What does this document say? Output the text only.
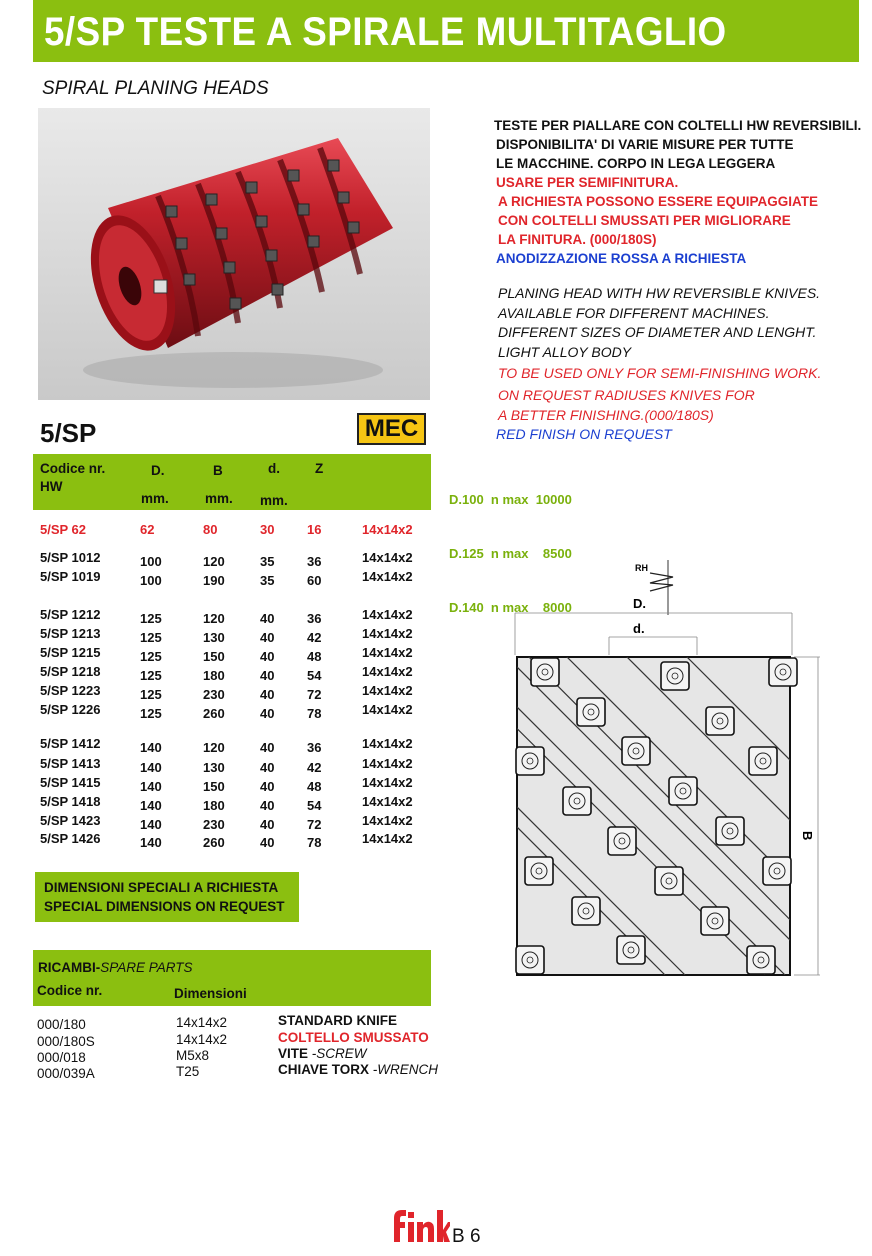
5/SP TESTE A SPIRALE MULTITAGLIO
SPIRAL PLANING HEADS
5/SP	MEC
TESTE PER PIALLARE CON COLTELLI HW REVERSIBILI.
DISPONIBILITA' DI VARIE MISURE PER TUTTE
LE MACCHINE. CORPO IN LEGA LEGGERA
USARE PER SEMIFINITURA.
A RICHIESTA POSSONO ESSERE EQUIPAGGIATE
CON COLTELLI SMUSSATI PER MIGLIORARE
LA FINITURA. (000/180S)
ANODIZZAZIONE ROSSA A RICHIESTA
PLANING HEAD WITH HW REVERSIBLE KNIVES.
AVAILABLE FOR DIFFERENT MACHINES.
DIFFERENT SIZES OF DIAMETER AND LENGHT.
LIGHT ALLOY BODY
TO BE USED ONLY FOR SEMI-FINISHING WORK.
ON REQUEST RADIUSES KNIVES FOR
A BETTER FINISHING.(000/180S)
RED FINISH ON REQUEST

D.100  n max  10000

D.125  n max    8500

D.140  n max    8000

Codice nr.
HW
D.	B	d.	Z
mm.	mm. mm.
5/SP 62	62	80	30	16	14x14x2
5/SP 1012	100	120	35	36	14x14x2
5/SP 1019	100	190	35	60	14x14x2
5/SP 1212	125	120	40	36	14x14x2
5/SP 1213	125	130	40	42	14x14x2
5/SP 1215	125	150	40	48	14x14x2
5/SP 1218	125	180	40	54	14x14x2
5/SP 1223	125	230	40	72	14x14x2
5/SP 1226	125	260	40	78	14x14x2
5/SP 1412	140	120	40	36	14x14x2
5/SP 1413	140	130	40	42	14x14x2
5/SP 1415	140	150	40	48	14x14x2
5/SP 1418	140	180	40	54	14x14x2
5/SP 1423	140	230	40	72	14x14x2
5/SP 1426	140	260	40	78	14x14x2
DIMENSIONI SPECIALI A RICHIESTA
SPECIAL DIMENSIONS ON REQUEST
RICAMBI-SPARE PARTS
Codice nr.	Dimensioni
000/180	14x14x2	STANDARD KNIFE
000/180S	14x14x2	COLTELLO SMUSSATO
000/018	M5x8	VITE -SCREW
000/039A	T25	CHIAVE TORX -WRENCH
RH
D.
d.
B
B 6
